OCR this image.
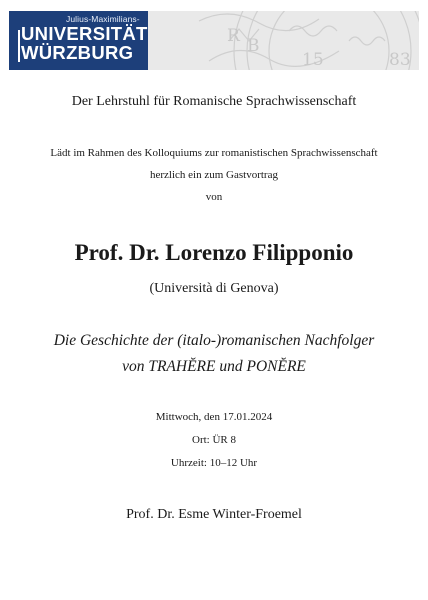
R B
15	83
Julius-Maximilians-
UNIVERSITÄT
WÜRZBURG
Der Lehrstuhl für Romanische Sprachwissenschaft
Lädt im Rahmen des Kolloquiums zur romanistischen Sprachwissenschaft
herzlich ein zum Gastvortrag
von
Prof. Dr. Lorenzo Filipponio
(Università di Genova)
Die Geschichte der (italo-)romanischen Nachfolger
von TRAHĔRE und PONĔRE
Mittwoch, den 17.01.2024
Ort: ÜR 8
Uhrzeit: 10–12 Uhr
Prof. Dr. Esme Winter-Froemel
